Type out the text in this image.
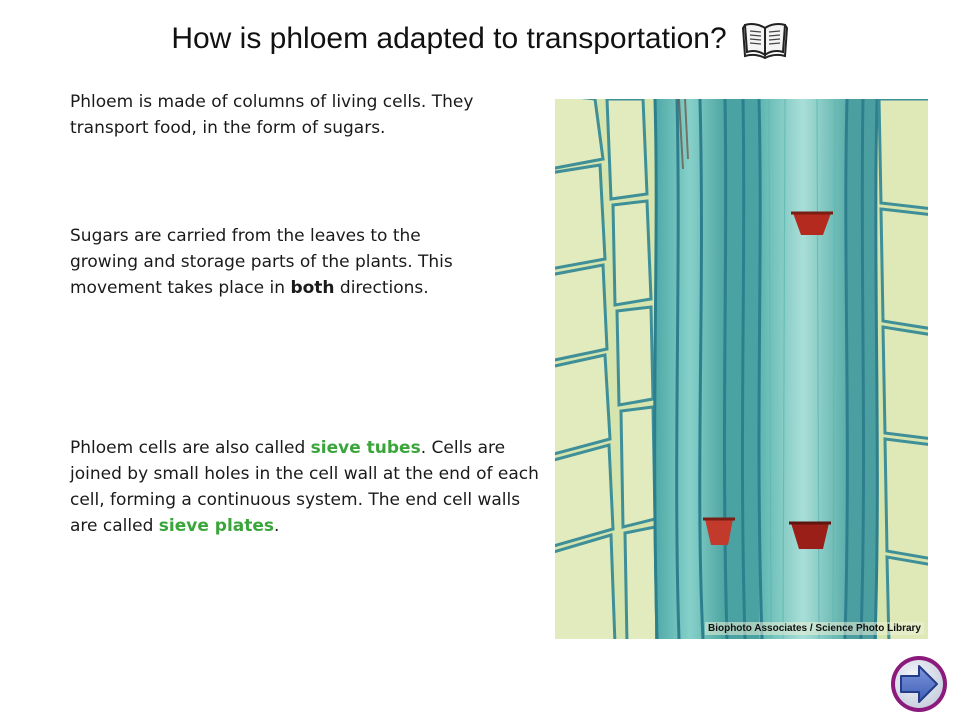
How is phloem adapted to transportation?
Phloem is made of columns of living cells. They transport food, in the form of sugars.
Sugars are carried from the leaves to the growing and storage parts of the plants. This movement takes place in both directions.
Phloem cells are also called sieve tubes. Cells are joined by small holes in the cell wall at the end of each cell, forming a continuous system. The end cell walls are called sieve plates.
Biophoto Associates / Science Photo Library
